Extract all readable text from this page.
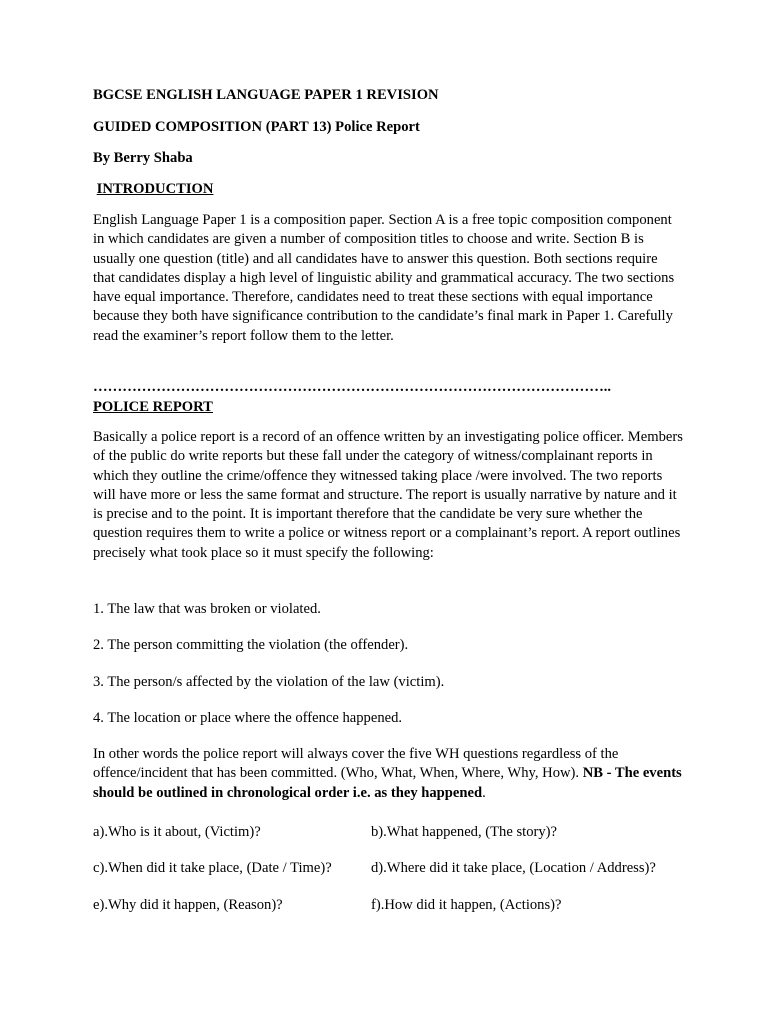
BGCSE ENGLISH LANGUAGE PAPER 1 REVISION

GUIDED COMPOSITION (PART 13) Police Report

By Berry Shaba

INTRODUCTION

English Language Paper 1 is a composition paper. Section A is a free topic composition component in which candidates are given a number of composition titles to choose and write. Section B is usually one question (title) and all candidates have to answer this question. Both sections require that candidates display a high level of linguistic ability and grammatical accuracy. The two sections have equal importance. Therefore, candidates need to treat these sections with equal importance because they both have significance contribution to the candidate’s final mark in Paper 1. Carefully read the examiner’s report follow them to the letter.

……………………………………………………………………………………………..

POLICE REPORT

Basically a police report is a record of an offence written by an investigating police officer. Members of the public do write reports but these fall under the category of witness/complainant reports in which they outline the crime/offence they witnessed taking place /were involved. The two reports will have more or less the same format and structure. The report is usually narrative by nature and it is precise and to the point. It is important therefore that the candidate be very sure whether the question requires them to write a police or witness report or a complainant’s report. A report outlines precisely what took place so it must specify the following:

1. The law that was broken or violated.

2. The person committing the violation (the offender).

3. The person/s affected by the violation of the law (victim).

4. The location or place where the offence happened.

In other words the police report will always cover the five WH questions regardless of the offence/incident that has been committed. (Who, What, When, Where, Why, How). NB - The events should be outlined in chronological order i.e. as they happened.

a).Who is it about, (Victim)?	b).What happened, (The story)?
c).When did it take place, (Date / Time)?	d).Where did it take place, (Location / Address)?
e).Why did it happen, (Reason)?	f).How did it happen, (Actions)?
